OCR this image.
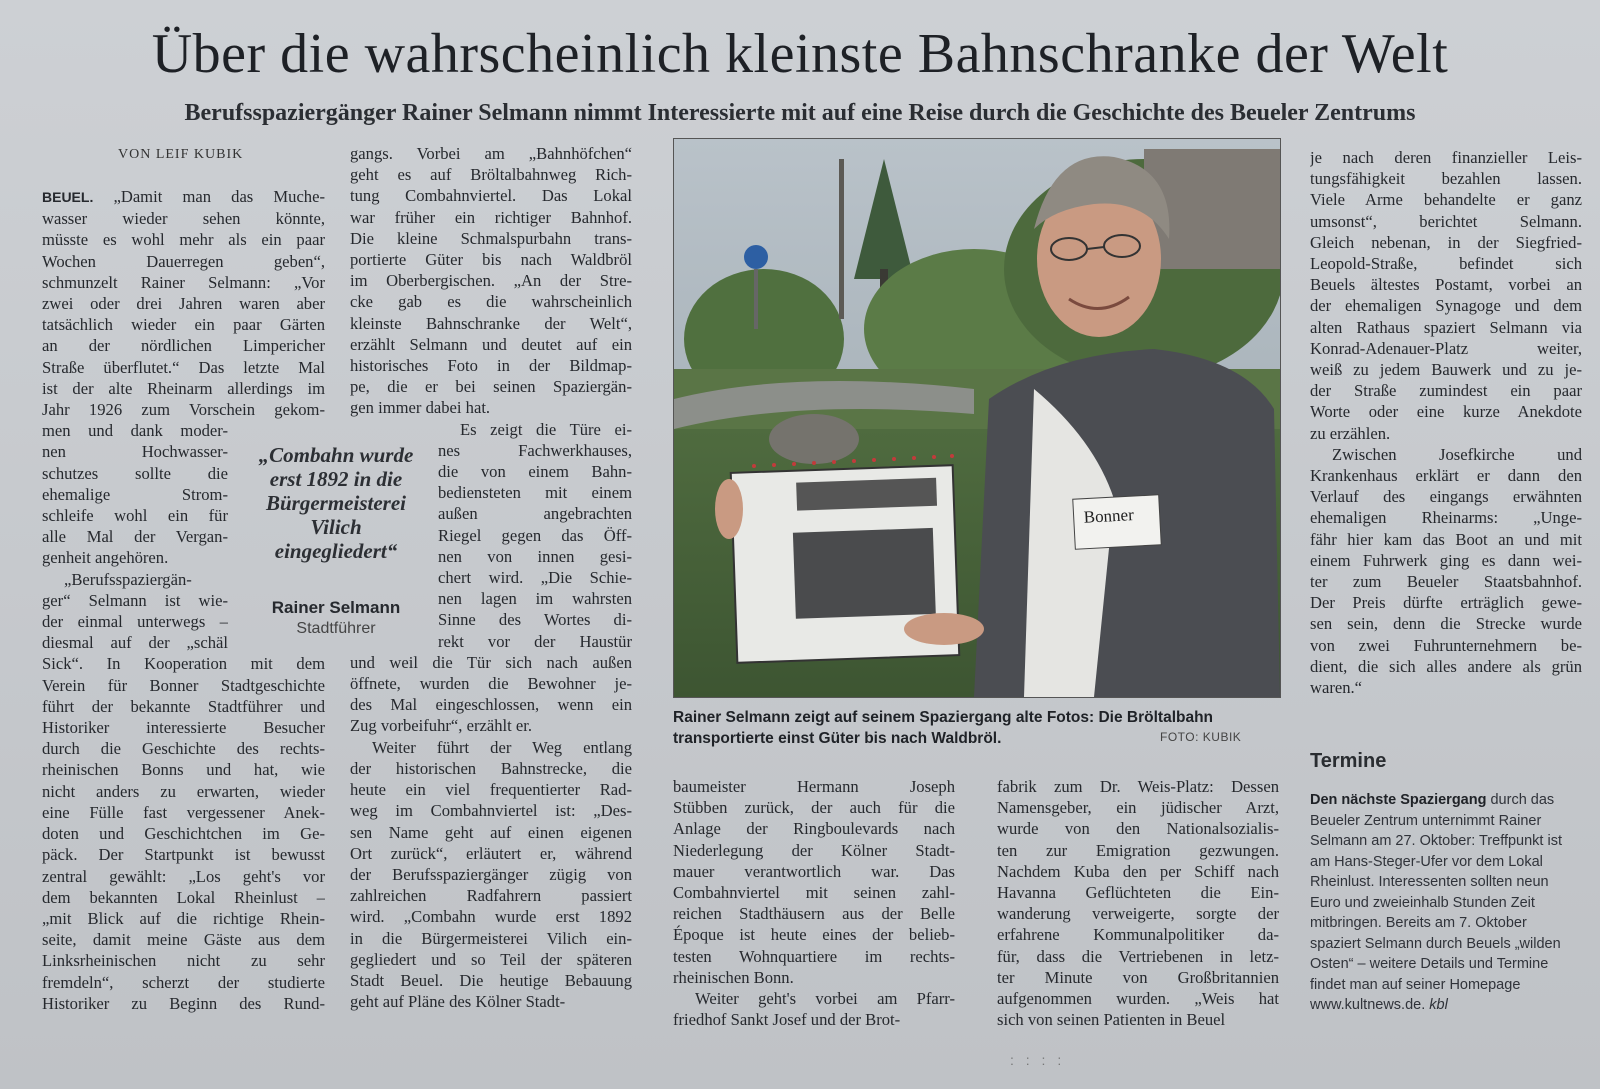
Über die wahrscheinlich kleinste Bahnschranke der Welt
Berufsspaziergänger Rainer Selmann nimmt Interessierte mit auf eine Reise durch die Geschichte des Beueler Zentrums
VON LEIF KUBIK
BEUEL. „Damit man das Muche-
wasser wieder sehen könnte,
müsste es wohl mehr als ein paar
Wochen Dauerregen geben“,
schmunzelt Rainer Selmann: „Vor
zwei oder drei Jahren waren aber
tatsächlich wieder ein paar Gärten
an der nördlichen Limpericher
Straße überflutet.“ Das letzte Mal
ist der alte Rheinarm allerdings im
Jahr 1926 zum Vorschein gekom-
men und dank moder-
nen Hochwasser-
schutzes sollte die
ehemalige Strom-
schleife wohl ein für
alle Mal der Vergan-
genheit angehören.
„Berufsspaziergän-
ger“ Selmann ist wie-
der einmal unterwegs –
diesmal auf der „schäl
Sick“. In Kooperation mit dem
Verein für Bonner Stadtgeschichte
führt der bekannte Stadtführer und
Historiker interessierte Besucher
durch die Geschichte des rechts-
rheinischen Bonns und hat, wie
nicht anders zu erwarten, wieder
eine Fülle fast vergessener Anek-
doten und Geschichtchen im Ge-
päck. Der Startpunkt ist bewusst
zentral gewählt: „Los geht's vor
dem bekannten Lokal Rheinlust –
„mit Blick auf die richtige Rhein-
seite, damit meine Gäste aus dem
Linksrheinischen nicht zu sehr
fremdeln“, scherzt der studierte
Historiker zu Beginn des Rund-
„Combahn wurde erst 1892 in die Bürgermeisterei Vilich eingegliedert“
Rainer Selmann
Stadtführer
gangs. Vorbei am „Bahnhöfchen“
geht es auf Bröltalbahnweg Rich-
tung Combahnviertel. Das Lokal
war früher ein richtiger Bahnhof.
Die kleine Schmalspurbahn trans-
portierte Güter bis nach Waldbröl
im Oberbergischen. „An der Stre-
cke gab es die wahrscheinlich
kleinste Bahnschranke der Welt“,
erzählt Selmann und deutet auf ein
historisches Foto in der Bildmap-
pe, die er bei seinen Spaziergän-
gen immer dabei hat.
Es zeigt die Türe ei-
nes Fachwerkhauses,
die von einem Bahn-
bediensteten mit einem
außen angebrachten
Riegel gegen das Öff-
nen von innen gesi-
chert wird. „Die Schie-
nen lagen im wahrsten
Sinne des Wortes di-
rekt vor der Haustür
und weil die Tür sich nach außen
öffnete, wurden die Bewohner je-
des Mal eingeschlossen, wenn ein
Zug vorbeifuhr“, erzählt er.
Weiter führt der Weg entlang
der historischen Bahnstrecke, die
heute ein viel frequentierter Rad-
weg im Combahnviertel ist: „Des-
sen Name geht auf einen eigenen
Ort zurück“, erläutert er, während
der Berufsspaziergänger zügig von
zahlreichen Radfahrern passiert
wird. „Combahn wurde erst 1892
in die Bürgermeisterei Vilich ein-
gegliedert und so Teil der späteren
Stadt Beuel. Die heutige Bebauung
geht auf Pläne des Kölner Stadt-
Bonner
Rainer Selmann zeigt auf seinem Spaziergang alte Fotos: Die Bröltalbahn transportierte einst Güter bis nach Waldbröl.	FOTO: KUBIK
baumeister Hermann Joseph
Stübben zurück, der auch für die
Anlage der Ringboulevards nach
Niederlegung der Kölner Stadt-
mauer verantwortlich war. Das
Combahnviertel mit seinen zahl-
reichen Stadthäusern aus der Belle
Époque ist heute eines der belieb-
testen Wohnquartiere im rechts-
rheinischen Bonn.
Weiter geht's vorbei am Pfarr-
friedhof Sankt Josef und der Brot-
fabrik zum Dr. Weis-Platz: Dessen
Namensgeber, ein jüdischer Arzt,
wurde von den Nationalsozialis-
ten zur Emigration gezwungen.
Nachdem Kuba den per Schiff nach
Havanna Geflüchteten die Ein-
wanderung verweigerte, sorgte der
erfahrene Kommunalpolitiker da-
für, dass die Vertriebenen in letz-
ter Minute von Großbritannien
aufgenommen wurden. „Weis hat
sich von seinen Patienten in Beuel
je nach deren finanzieller Leis-
tungsfähigkeit bezahlen lassen.
Viele Arme behandelte er ganz
umsonst“, berichtet Selmann.
Gleich nebenan, in der Siegfried-
Leopold-Straße, befindet sich
Beuels ältestes Postamt, vorbei an
der ehemaligen Synagoge und dem
alten Rathaus spaziert Selmann via
Konrad-Adenauer-Platz weiter,
weiß zu jedem Bauwerk und zu je-
der Straße zumindest ein paar
Worte oder eine kurze Anekdote
zu erzählen.
Zwischen Josefkirche und
Krankenhaus erklärt er dann den
Verlauf des eingangs erwähnten
ehemaligen Rheinarms: „Unge-
fähr hier kam das Boot an und mit
einem Fuhrwerk ging es dann wei-
ter zum Beueler Staatsbahnhof.
Der Preis dürfte erträglich gewe-
sen sein, denn die Strecke wurde
von zwei Fuhrunternehmern be-
dient, die sich alles andere als grün
waren.“
Termine
Den nächste Spaziergang durch das Beueler Zentrum unternimmt Rainer Selmann am 27. Oktober: Treffpunkt ist am Hans-Steger-Ufer vor dem Lokal Rheinlust. Interessenten sollten neun Euro und zweieinhalb Stunden Zeit mitbringen. Bereits am 7. Oktober spaziert Selmann durch Beuels „wilden Osten“ – weitere Details und Termine findet man auf seiner Homepage www.kultnews.de. kbl
: : : :
